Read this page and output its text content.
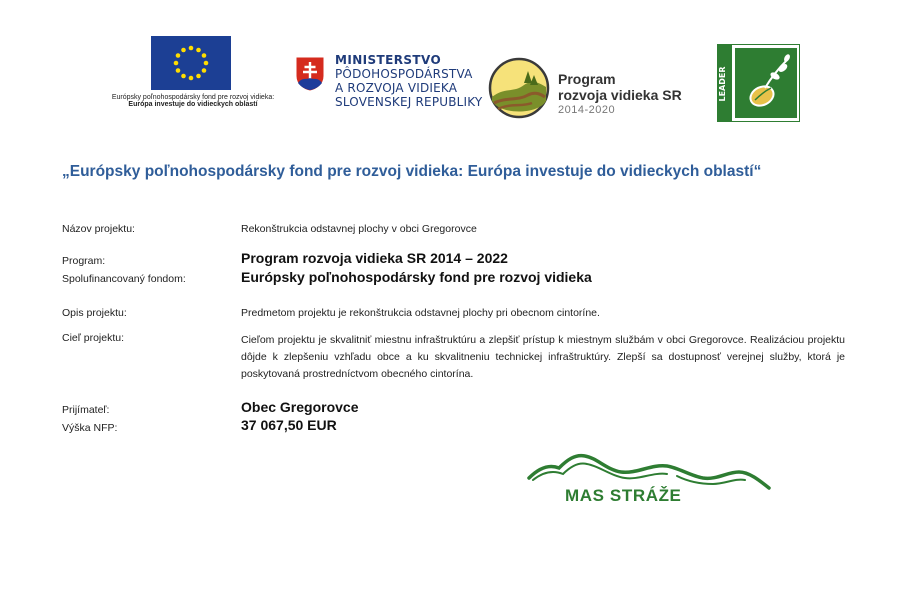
Európsky poľnohospodársky fond pre rozvoj vidieka:
Európa investuje do vidieckych oblastí
MINISTERSTVO
PÔDOHOSPODÁRSTVA
A ROZVOJA VIDIEKA
SLOVENSKEJ REPUBLIKY
Program
rozvoja vidieka SR
2014-2020
LEADER
„Európsky poľnohospodársky fond pre rozvoj vidieka: Európa investuje do vidieckych oblastí“
Názov projektu:	Rekonštrukcia odstavnej plochy v obci Gregorovce
Program:	Program rozvoja vidieka SR 2014 – 2022
Spolufinancovaný fondom:	Európsky poľnohospodársky fond pre rozvoj vidieka
Opis projektu:	Predmetom projektu je rekonštrukcia odstavnej plochy pri obecnom cintoríne.
Cieľ projektu:	Cieľom projektu je skvalitniť miestnu infraštruktúru a zlepšiť prístup k miestnym službám v obci Gregorovce. Realizáciou projektu dôjde k zlepšeniu vzhľadu obce a ku skvalitneniu technickej infraštruktúry. Zlepší sa dostupnosť verejnej služby, ktorá je poskytovaná prostredníctvom obecného cintorína.
Prijímateľ:	Obec Gregorovce
Výška NFP:	37 067,50 EUR
MAS STRÁŽE
